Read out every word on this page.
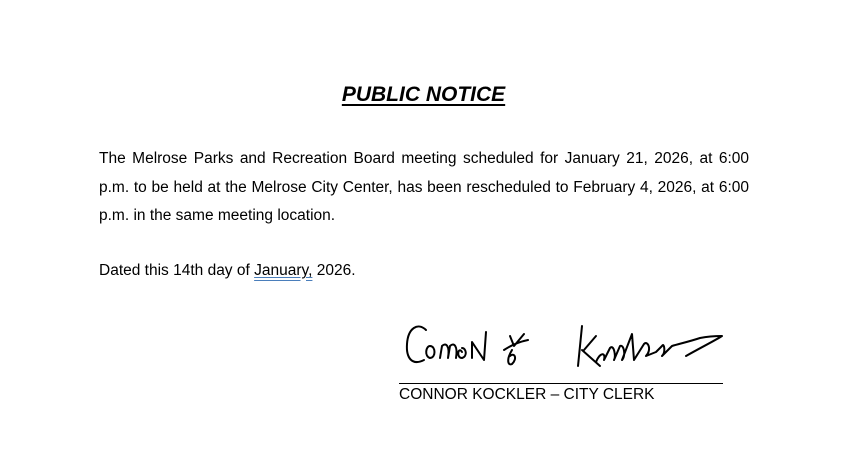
PUBLIC NOTICE

The Melrose Parks and Recreation Board meeting scheduled for January 21, 2026, at 6:00 p.m. to be held at the Melrose City Center, has been rescheduled to February 4, 2026, at 6:00 p.m. in the same meeting location.

Dated this 14th day of January, 2026.

CONNOR KOCKLER – CITY CLERK
